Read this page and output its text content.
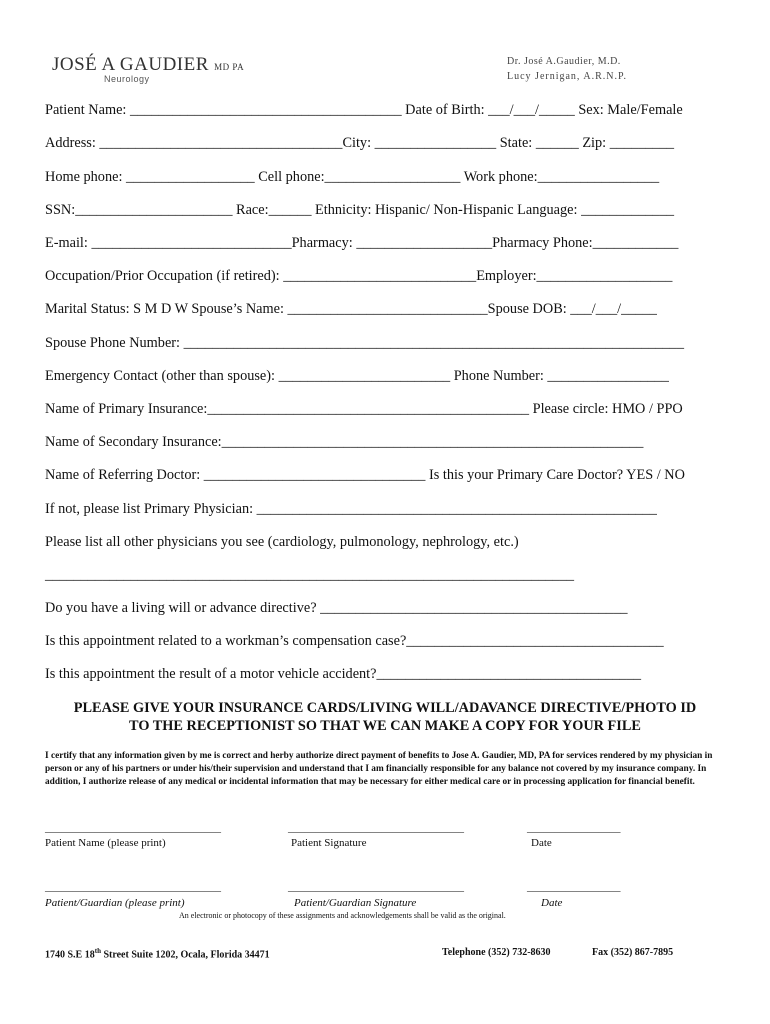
JOSÉ A GAUDIER MD PA
Neurology
Dr. José A.Gaudier, M.D.
Lucy Jernigan, A.R.N.P.
Patient Name: ______________________________________ Date of Birth: ___/___/_____ Sex: Male/Female
Address: __________________________________City: _________________ State: ______ Zip: _________
Home phone: __________________ Cell phone:___________________ Work phone:_________________
SSN:______________________ Race:______ Ethnicity: Hispanic/ Non-Hispanic Language: _____________
E-mail: ____________________________Pharmacy: ___________________Pharmacy Phone:____________
Occupation/Prior Occupation (if retired): ___________________________Employer:___________________
Marital Status: S M D W Spouse’s Name: ____________________________Spouse DOB: ___/___/_____
Spouse Phone Number: ______________________________________________________________________
Emergency Contact (other than spouse): ________________________ Phone Number: _________________
Name of Primary Insurance:_____________________________________________ Please circle: HMO / PPO
Name of Secondary Insurance:___________________________________________________________
Name of Referring Doctor: _______________________________ Is this your Primary Care Doctor? YES / NO
If not, please list Primary Physician: ________________________________________________________
Please list all other physicians you see (cardiology, pulmonology, nephrology, etc.)
__________________________________________________________________________
Do you have a living will or advance directive? ___________________________________________
Is this appointment related to a workman’s compensation case?____________________________________
Is this appointment the result of a motor vehicle accident?_____________________________________
PLEASE GIVE YOUR INSURANCE CARDS/LIVING WILL/ADAVANCE DIRECTIVE/PHOTO ID
TO THE RECEPTIONIST SO THAT WE CAN MAKE A COPY FOR YOUR FILE
I certify that any information given by me is correct and herby authorize direct payment of benefits to Jose A. Gaudier, MD, PA for services rendered by my physician in person or any of his partners or under his/their supervision and understand that I am financially responsible for any balance not covered by my insurance company. In addition, I authorize release of any medical or incidental information that may be necessary for either medical care or in processing application for financial benefit.
________________________________	________________________________	_________________
Patient Name (please print)	Patient Signature	Date
________________________________	________________________________	_________________
Patient/Guardian (please print)	Patient/Guardian Signature	Date
An electronic or photocopy of these assignments and acknowledgements shall be valid as the original.
1740 S.E 18th Street Suite 1202, Ocala, Florida 34471	Telephone (352) 732-8630	Fax (352) 867-7895
